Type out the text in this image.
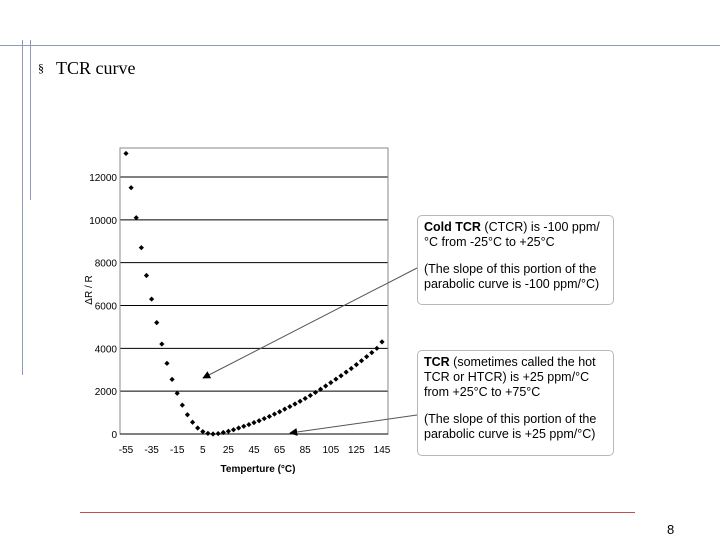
§ TCR curve
0
2000
4000
6000
8000
10000
12000
-55 -35 -15 5 25 45 65 85 105 125 145
Temperture (°C)
ΔR / R

Cold TCR (CTCR) is -100 ppm/°C from -25°C to +25°C

(The slope of this portion of the parabolic curve is -100 ppm/°C)

TCR (sometimes called the hot TCR or HTCR) is +25 ppm/°C from +25°C to +75°C

(The slope of this portion of the parabolic curve is +25 ppm/°C)

8
